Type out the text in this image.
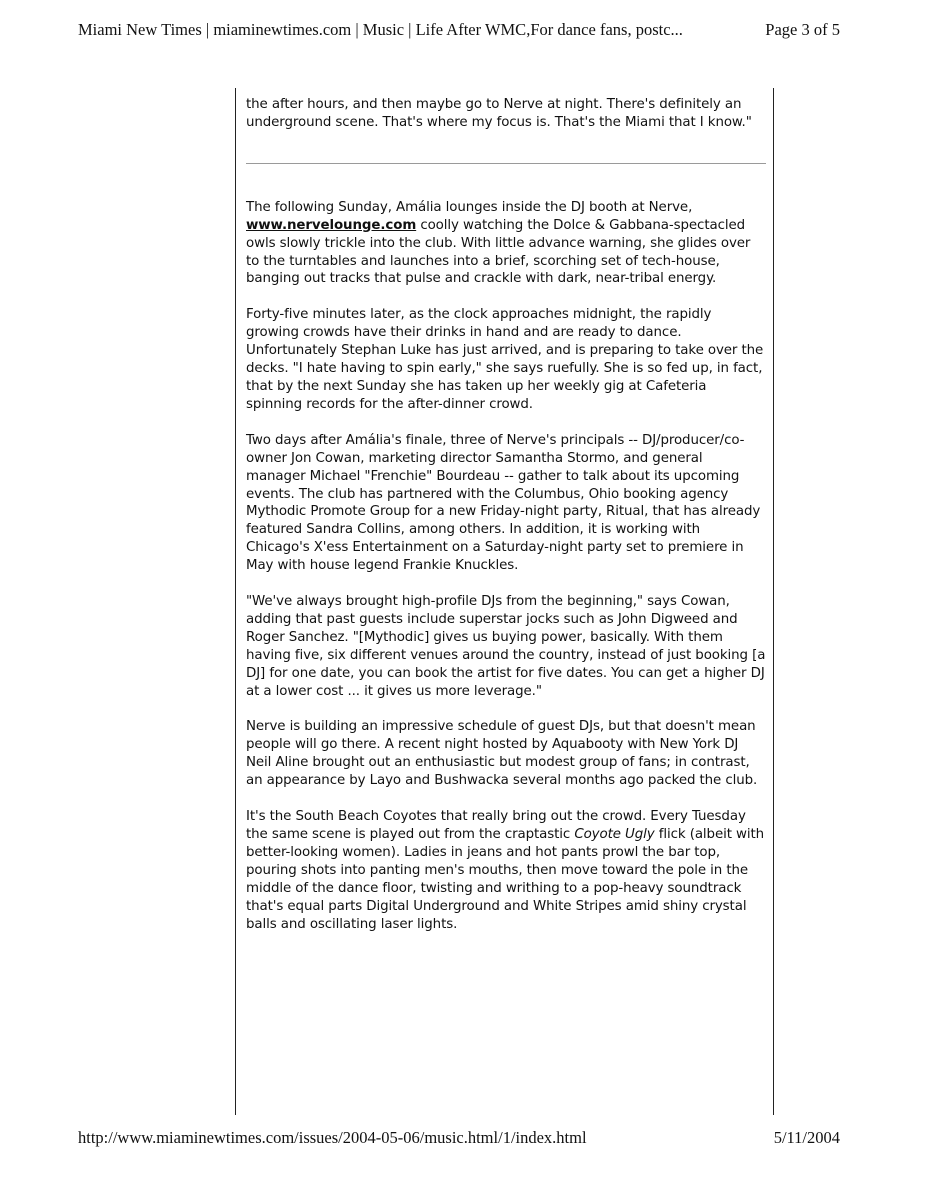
Miami New Times | miaminewtimes.com | Music | Life After WMC,For dance fans, postc...	Page 3 of 5

the after hours, and then maybe go to Nerve at night. There's definitely an underground scene. That's where my focus is. That's the Miami that I know."

The following Sunday, Amália lounges inside the DJ booth at Nerve, www.nervelounge.com coolly watching the Dolce & Gabbana-spectacled owls slowly trickle into the club. With little advance warning, she glides over to the turntables and launches into a brief, scorching set of tech-house, banging out tracks that pulse and crackle with dark, near-tribal energy.

Forty-five minutes later, as the clock approaches midnight, the rapidly growing crowds have their drinks in hand and are ready to dance. Unfortunately Stephan Luke has just arrived, and is preparing to take over the decks. "I hate having to spin early," she says ruefully. She is so fed up, in fact, that by the next Sunday she has taken up her weekly gig at Cafeteria spinning records for the after-dinner crowd.

Two days after Amália's finale, three of Nerve's principals -- DJ/producer/co-owner Jon Cowan, marketing director Samantha Stormo, and general manager Michael "Frenchie" Bourdeau -- gather to talk about its upcoming events. The club has partnered with the Columbus, Ohio booking agency Mythodic Promote Group for a new Friday-night party, Ritual, that has already featured Sandra Collins, among others. In addition, it is working with Chicago's X'ess Entertainment on a Saturday-night party set to premiere in May with house legend Frankie Knuckles.

"We've always brought high-profile DJs from the beginning," says Cowan, adding that past guests include superstar jocks such as John Digweed and Roger Sanchez. "[Mythodic] gives us buying power, basically. With them having five, six different venues around the country, instead of just booking [a DJ] for one date, you can book the artist for five dates. You can get a higher DJ at a lower cost ... it gives us more leverage."

Nerve is building an impressive schedule of guest DJs, but that doesn't mean people will go there. A recent night hosted by Aquabooty with New York DJ Neil Aline brought out an enthusiastic but modest group of fans; in contrast, an appearance by Layo and Bushwacka several months ago packed the club.

It's the South Beach Coyotes that really bring out the crowd. Every Tuesday the same scene is played out from the craptastic Coyote Ugly flick (albeit with better-looking women). Ladies in jeans and hot pants prowl the bar top, pouring shots into panting men's mouths, then move toward the pole in the middle of the dance floor, twisting and writhing to a pop-heavy soundtrack that's equal parts Digital Underground and White Stripes amid shiny crystal balls and oscillating laser lights.

http://www.miaminewtimes.com/issues/2004-05-06/music.html/1/index.html	5/11/2004
